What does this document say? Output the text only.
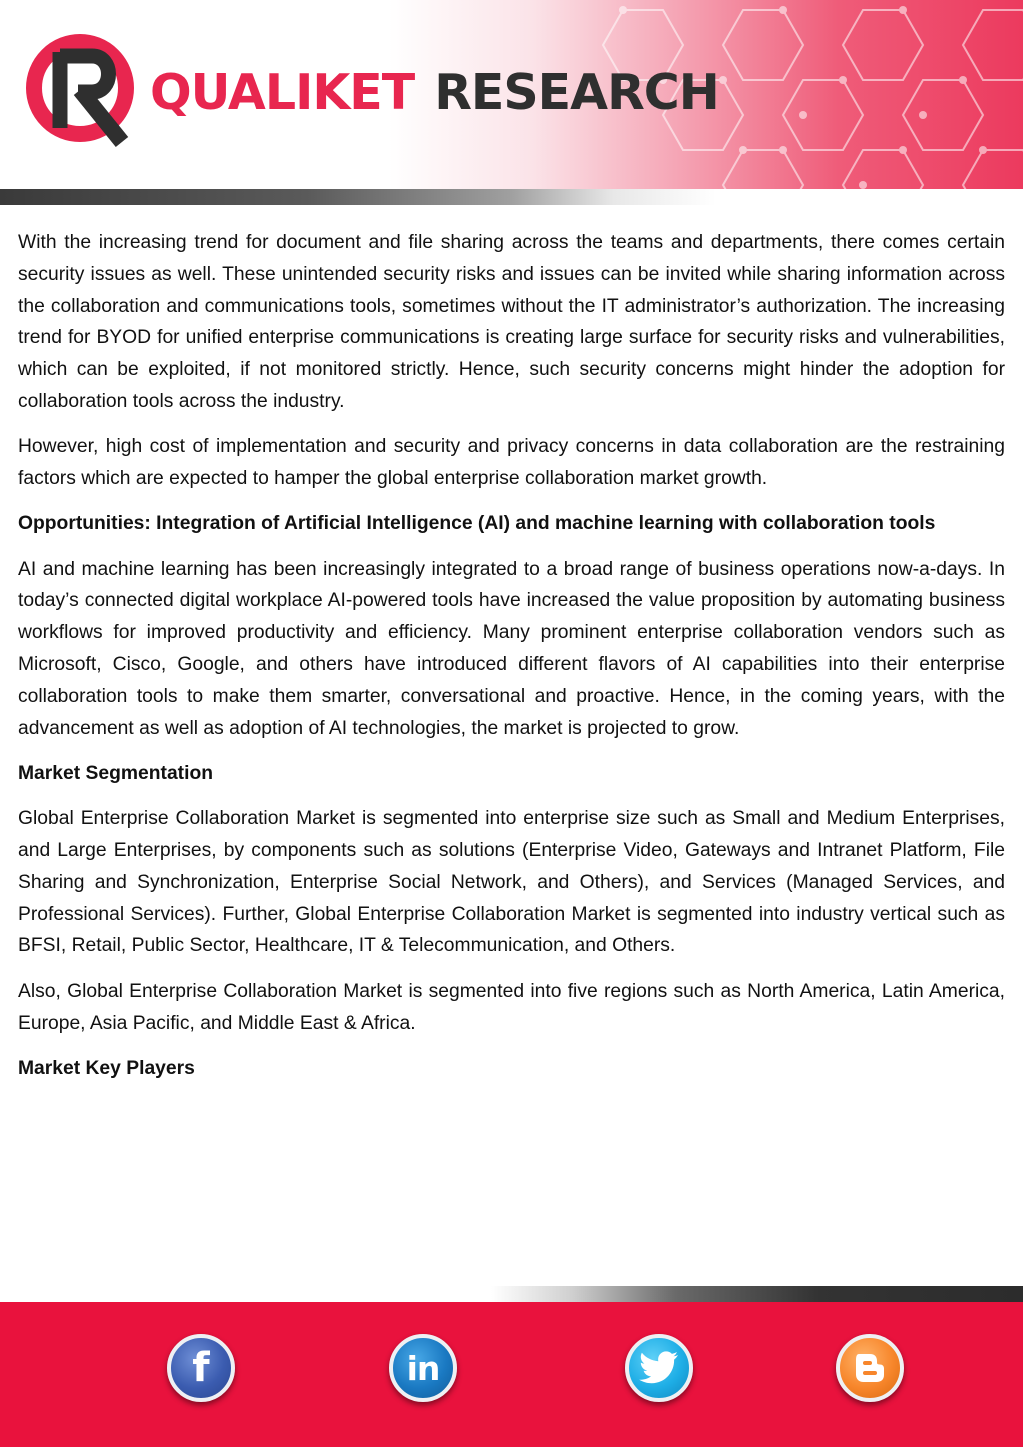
QUALIKET RESEARCH

With the increasing trend for document and file sharing across the teams and departments, there comes certain security issues as well. These unintended security risks and issues can be invited while sharing information across the collaboration and communications tools, sometimes without the IT administrator’s authorization. The increasing trend for BYOD for unified enterprise communications is creating large surface for security risks and vulnerabilities, which can be exploited, if not monitored strictly. Hence, such security concerns might hinder the adoption for collaboration tools across the industry.

However, high cost of implementation and security and privacy concerns in data collaboration are the restraining factors which are expected to hamper the global enterprise collaboration market growth.

Opportunities: Integration of Artificial Intelligence (AI) and machine learning with collaboration tools

AI and machine learning has been increasingly integrated to a broad range of business operations now-a-days. In today’s connected digital workplace AI-powered tools have increased the value proposition by automating business workflows for improved productivity and efficiency. Many prominent enterprise collaboration vendors such as Microsoft, Cisco, Google, and others have introduced different flavors of AI capabilities into their enterprise collaboration tools to make them smarter, conversational and proactive. Hence, in the coming years, with the advancement as well as adoption of AI technologies, the market is projected to grow.

Market Segmentation

Global Enterprise Collaboration Market is segmented into enterprise size such as Small and Medium Enterprises, and Large Enterprises, by components such as solutions (Enterprise Video, Gateways and Intranet Platform, File Sharing and Synchronization, Enterprise Social Network, and Others), and Services (Managed Services, and Professional Services). Further, Global Enterprise Collaboration Market is segmented into industry vertical such as BFSI, Retail, Public Sector, Healthcare, IT & Telecommunication, and Others.

Also, Global Enterprise Collaboration Market is segmented into five regions such as North America, Latin America, Europe, Asia Pacific, and Middle East & Africa.

Market Key Players
f	in
